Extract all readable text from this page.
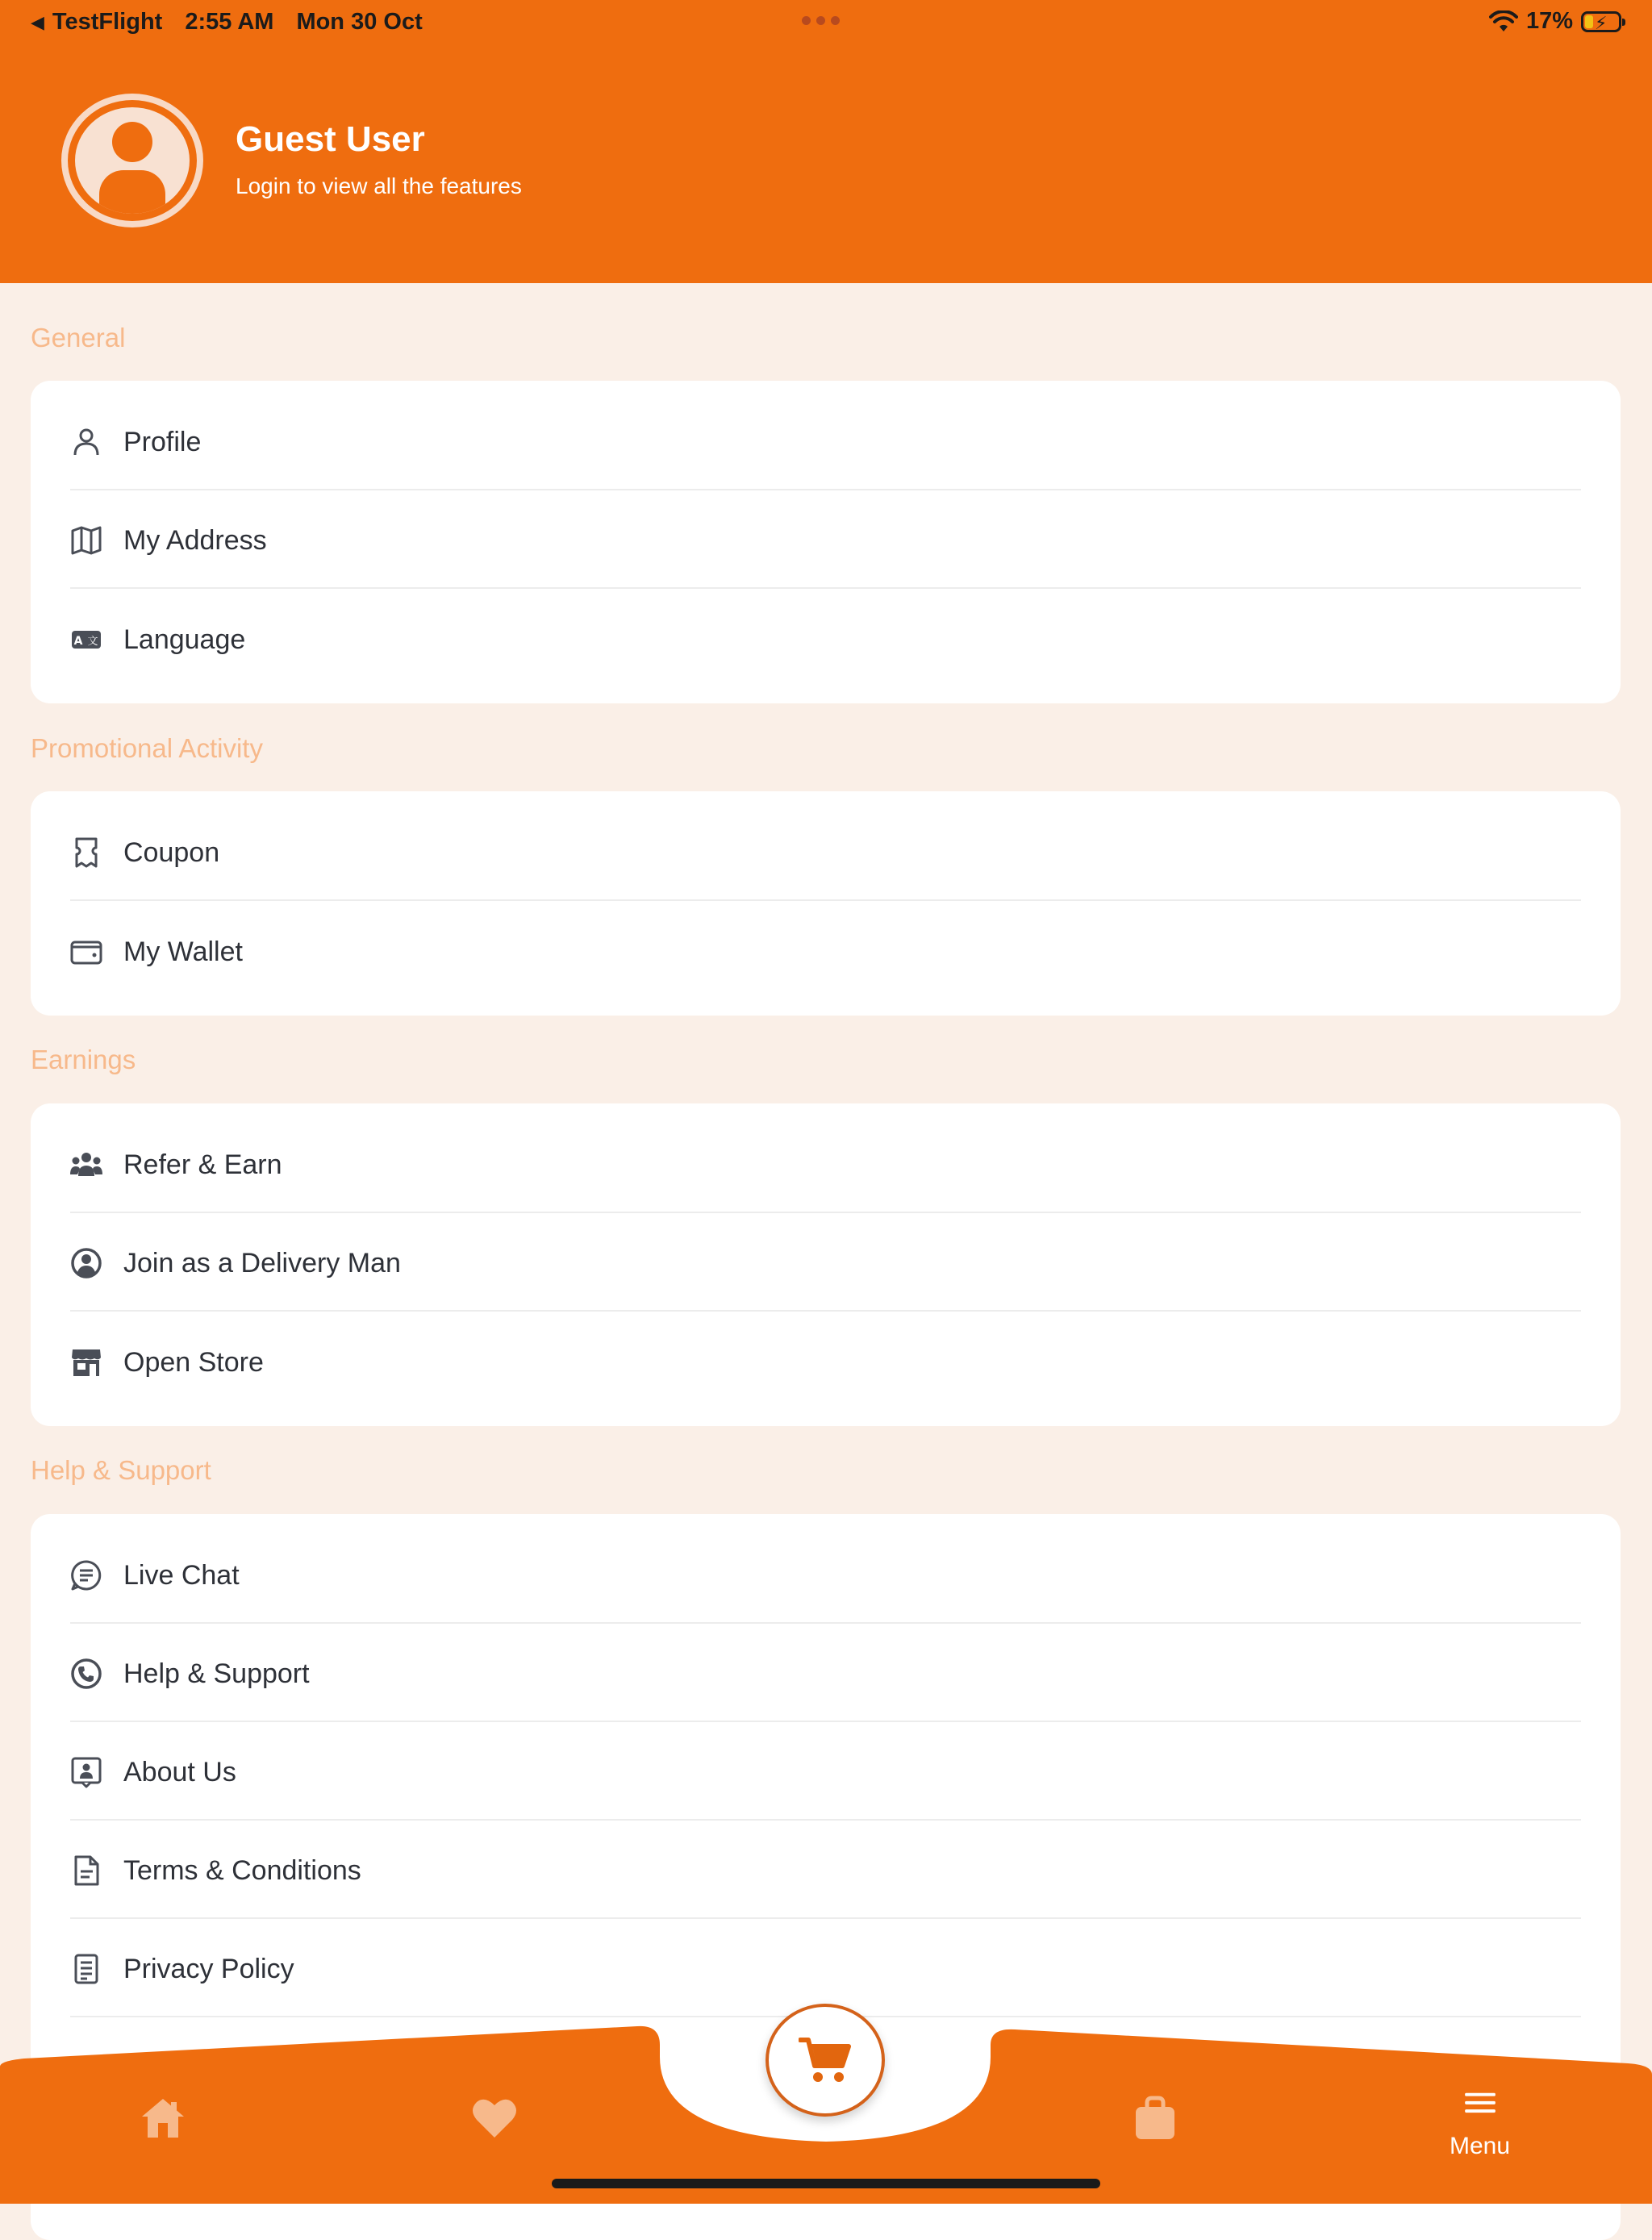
◀ TestFlight 2:55 AM Mon 30 Oct	17% ⚡
Guest User
Login to view all the features
General
Profile
My Address
A 文 Language
Promotional Activity
Coupon
My Wallet
Earnings
Refer & Earn
Join as a Delivery Man
Open Store
Help & Support
Live Chat
Help & Support
About Us
Terms & Conditions
Privacy Policy
Menu
